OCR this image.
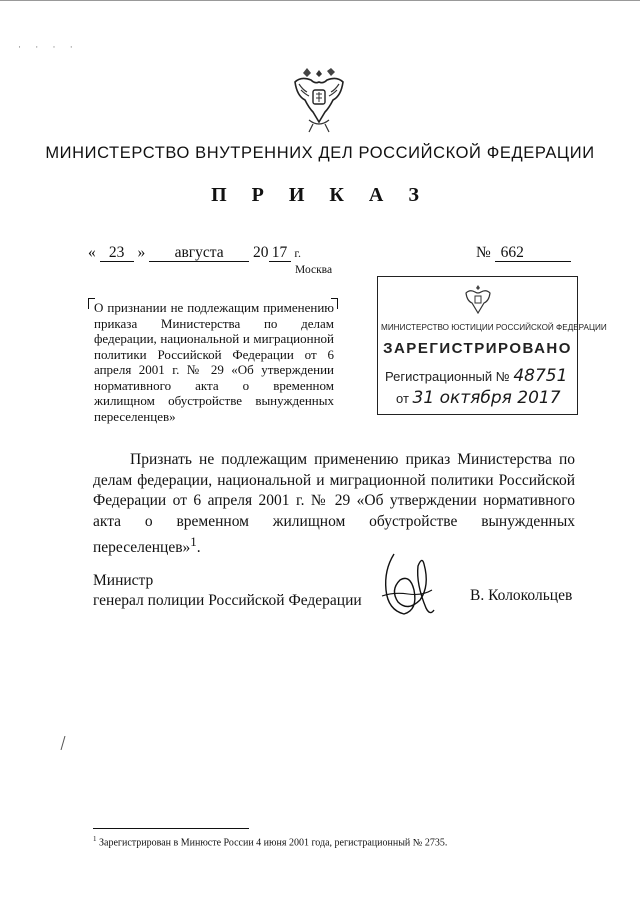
· · · ·
МИНИСТЕРСТВО ВНУТРЕННИХ ДЕЛ РОССИЙСКОЙ ФЕДЕРАЦИИ
П Р И К А З
« 23 » августа 20 17 г.
Москва
№ 662
О признании не подлежащим применению приказа Министерства по делам федерации, национальной и миграционной политики Российской Федерации от 6 апреля 2001 г. № 29 «Об утверждении нормативного акта о временном жилищном обустройстве вынужденных переселенцев»
МИНИСТЕРСТВО ЮСТИЦИИ РОССИЙСКОЙ ФЕДЕРАЦИИ
ЗАРЕГИСТРИРОВАНО
Регистрационный № 48751
от 31 октября 2017

Признать не подлежащим применению приказ Министерства по делам федерации, национальной и миграционной политики Российской Федерации от 6 апреля 2001 г. № 29 «Об утверждении нормативного акта о временном жилищном обустройстве вынужденных переселенцев»$^1$.

Министр
генерал полиции Российской Федерации	В. Колокольцев
$^1$ Зарегистрирован в Минюсте России 4 июня 2001 года, регистрационный № 2735.
